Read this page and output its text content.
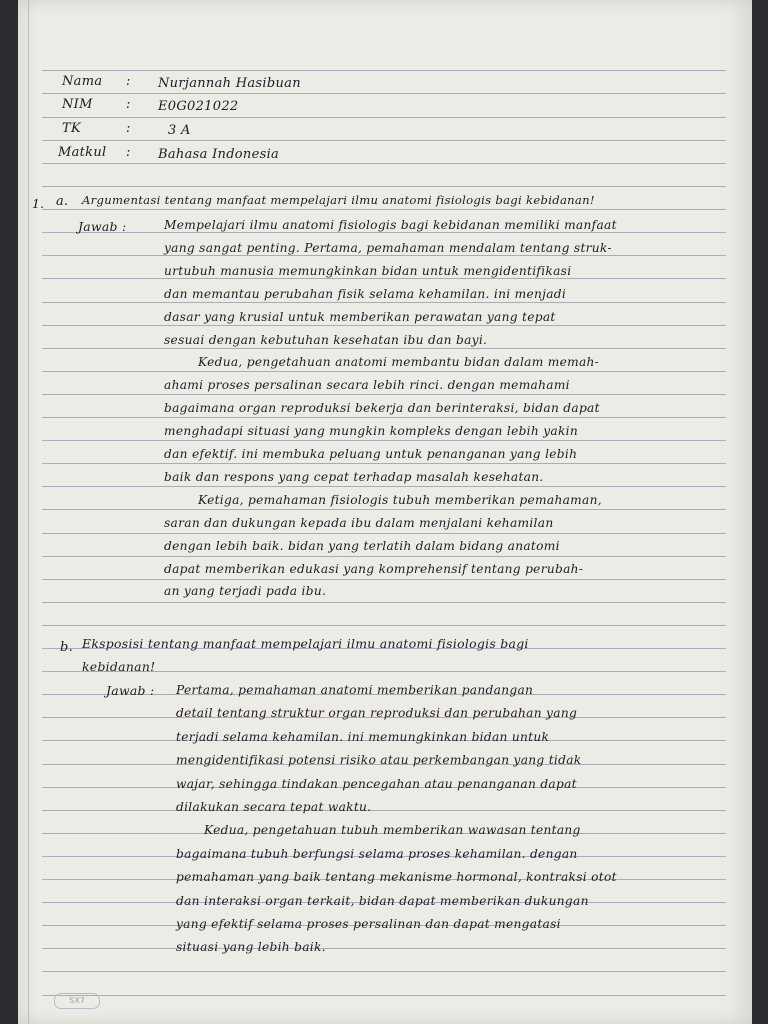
Nama : Nurjannah Hasibuan
NIM	: E0G021022
TK	:	3 A
Matkul : Bahasa Indonesia
1. a. Argumentasi tentang manfaat mempelajari ilmu anatomi fisiologis bagi kebidanan!
Jawab :	Mempelajari ilmu anatomi fisiologis bagi kebidanan memiliki manfaat
yang sangat penting. Pertama, pemahaman mendalam tentang struk-
urtubuh manusia memungkinkan bidan untuk mengidentifikasi
dan memantau perubahan fisik selama kehamilan. ini menjadi
dasar yang krusial untuk memberikan perawatan yang tepat
sesuai dengan kebutuhan kesehatan ibu dan bayi.
Kedua, pengetahuan anatomi membantu bidan dalam memah-
ahami proses persalinan secara lebih rinci. dengan memahami
bagaimana organ reproduksi bekerja dan berinteraksi, bidan dapat
menghadapi situasi yang mungkin kompleks dengan lebih yakin
dan efektif. ini membuka peluang untuk penanganan yang lebih
baik dan respons yang cepat terhadap masalah kesehatan.
Ketiga, pemahaman fisiologis tubuh memberikan pemahaman,
saran dan dukungan kepada ibu dalam menjalani kehamilan
dengan lebih baik. bidan yang terlatih dalam bidang anatomi
dapat memberikan edukasi yang komprehensif tentang perubah-
an yang terjadi pada ibu.
b. Eksposisi tentang manfaat mempelajari ilmu anatomi fisiologis bagi
kebidanan!
Jawab : Pertama, pemahaman anatomi memberikan pandangan
detail tentang struktur organ reproduksi dan perubahan yang
terjadi selama kehamilan. ini memungkinkan bidan untuk
mengidentifikasi potensi risiko atau perkembangan yang tidak
wajar, sehingga tindakan pencegahan atau penanganan dapat
dilakukan secara tepat waktu.
Kedua, pengetahuan tubuh memberikan wawasan tentang
bagaimana tubuh berfungsi selama proses kehamilan. dengan
pemahaman yang baik tentang mekanisme hormonal, kontraksi otot
dan interaksi organ terkait, bidan dapat memberikan dukungan
yang efektif selama proses persalinan dan dapat mengatasi
situasi yang lebih baik.
SX7
